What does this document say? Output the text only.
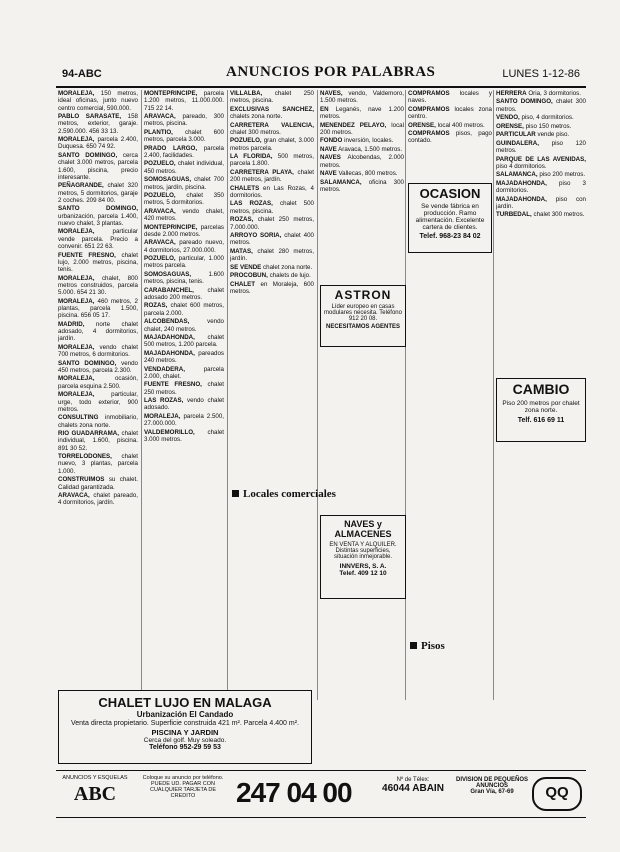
94-ABC	ANUNCIOS POR PALABRAS	LUNES 1-12-86

MORALEJA, 150 metros, ideal oficinas, junto nuevo centro comercial, 590.000.

PABLO SARASATE, 158 metros, exterior, garaje. 2.590.000. 456 33 13.

MORALEJA, parcela 2.400, Duquesa. 650 74 92.

SANTO DOMINGO, cerca chalet 3.000 metros, parcela 1.600, piscina, precio interesante.

PEÑAGRANDE, chalet 320 metros, 5 dormitorios, garaje 2 coches. 209 84 00.

SANTO DOMINGO, urbanización, parcela 1.400, nuevo chalet, 3 plantas.

MORALEJA,	particular vende parcela. Precio a convenir. 651 22 63.

FUENTE FRESNO, chalet lujo, 2.000 metros, piscina, tenis.

MORALEJA, chalet, 800 metros construidos, parcela 5.000. 654 21 30.

MORALEJA, 460 metros, 2 plantas, parcela 1.500, piscina. 656 05 17.

MADRID, norte chalet adosado, 4 dormitorios, jardín.

MORALEJA, vendo chalet 700 metros, 6 dormitorios.

SANTO DOMINGO, vendo 450 metros, parcela 2.300.

MORALEJA,	ocasión, parcela esquina 2.500.

MORALEJA,	particular, urge, todo exterior, 900 metros.

CONSULTING inmobiliario, chalets zona norte.

RIO GUADARRAMA, chalet individual, 1.600, piscina. 891 30 52.

TORRELODONES, chalet nuevo, 3 plantas, parcela 1.000.

CONSTRUIMOS su chalet. Calidad garantizada.

ARAVACA, chalet pareado, 4 dormitorios, jardín.

MONTEPRINCIPE, parcela 1.200 metros, 11.000.000. 715 22 14.

ARAVACA, pareado, 300 metros, piscina.

PLANTIO, chalet 600 metros, parcela 3.000.

PRADO LARGO, parcela 2.400, facilidades.

POZUELO, chalet individual, 450 metros.

SOMOSAGUAS, chalet 700 metros, jardín, piscina.

POZUELO, chalet 350 metros, 5 dormitorios.

ARAVACA, vendo chalet, 420 metros.

MONTEPRINCIPE, parcelas desde 2.000 metros.

ARAVACA, pareado nuevo, 4 dormitorios, 27.000.000.

POZUELO, particular, 1.000 metros parcela.

SOMOSAGUAS,	1.600 metros, piscina, tenis.

CARABANCHEL, chalet adosado 200 metros.

ROZAS, chalet 600 metros, parcela 2.000.

ALCOBENDAS,	vendo chalet, 240 metros.

MAJADAHONDA, chalet 500 metros, 1.200 parcela.

MAJADAHONDA, pareados 240 metros.

VENDADERA,	parcela 2.000, chalet.

FUENTE FRESNO, chalet 250 metros.

LAS ROZAS, vendo chalet adosado.

MORALEJA, parcela 2.500, 27.000.000.

VALDEMORILLO, chalet 3.000 metros.

VILLALBA, chalet 250 metros, piscina.

EXCLUSIVAS SANCHEZ, chalets zona norte.

CARRETERA VALENCIA, chalet 300 metros.

POZUELO, gran chalet, 3.000 metros parcela.

LA FLORIDA, 500 metros, parcela 1.800.

CARRETERA PLAYA, chalet 200 metros, jardín.

CHALETS en Las Rozas, 4 dormitorios.

LAS ROZAS, chalet 500 metros, piscina.

ROZAS, chalet 250 metros, 7.000.000.

ARROYO SORIA, chalet 400 metros.

MATAS, chalet 280 metros, jardín.

SE VENDE chalet zona norte.

PROCOBUN, chalets de lujo.

CHALET en Moraleja, 600 metros.

NAVES, vendo, Valdemoro, 1.500 metros.

EN Leganés, nave 1.200 metros.

MENENDEZ PELAYO, local 200 metros.

FONDO inversión, locales.

NAVE Aravaca, 1.500 metros.

NAVES Alcobendas, 2.000 metros.

NAVE Vallecas, 800 metros.

SALAMANCA, oficina 300 metros.

COMPRAMOS locales y naves.

COMPRAMOS locales zona centro.

ORENSE, local 400 metros.

COMPRAMOS pisos, pago contado.

HERRERA Oria, 3 dormitorios.

SANTO DOMINGO, chalet 300 metros.

VENDO, piso, 4 dormitorios.

ORENSE, piso 150 metros.

PARTICULAR vende piso.

GUINDALERA, piso 120 metros.

PARQUE DE LAS AVENIDAS, piso 4 dormitorios.

SALAMANCA, piso 200 metros.

MAJADAHONDA, piso 3 dormitorios.

MAJADAHONDA, piso con jardín.

TURBEDAL, chalet 300 metros.

Locales comerciales
Pisos
OCASION
Se vende fábrica en producción. Ramo alimentación. Excelente cartera de clientes.
Telef. 968-23 84 02
ASTRON
Líder europeo en casas modulares necesita. Teléfono 912 20 08.
NECESITAMOS AGENTES
NAVES y ALMACENES
EN VENTA Y ALQUILER. Distintas superficies, situación inmejorable.
INNVERS, S. A.
Telef. 409 12 10
CAMBIO
Piso 200 metros por chalet zona norte.
Telf. 616 69 11
CHALET LUJO EN MALAGA
Urbanización El Candado
Venta directa propietario. Superficie construida 421 m². Parcela 4.400 m².
PISCINA Y JARDIN
Cerca del golf. Muy soleado.
Teléfono 952-29 59 53
ANUNCIOS Y ESQUELAS
ABC
Coloque su anuncio por teléfono. PUEDE UD. PAGAR CON CUALQUIER TARJETA DE CREDITO	247 04 00	Nº de Télex:
46044 ABAIN
DIVISION DE PEQUEÑOS ANUNCIOS
Gran Vía, 67-69	QQ
